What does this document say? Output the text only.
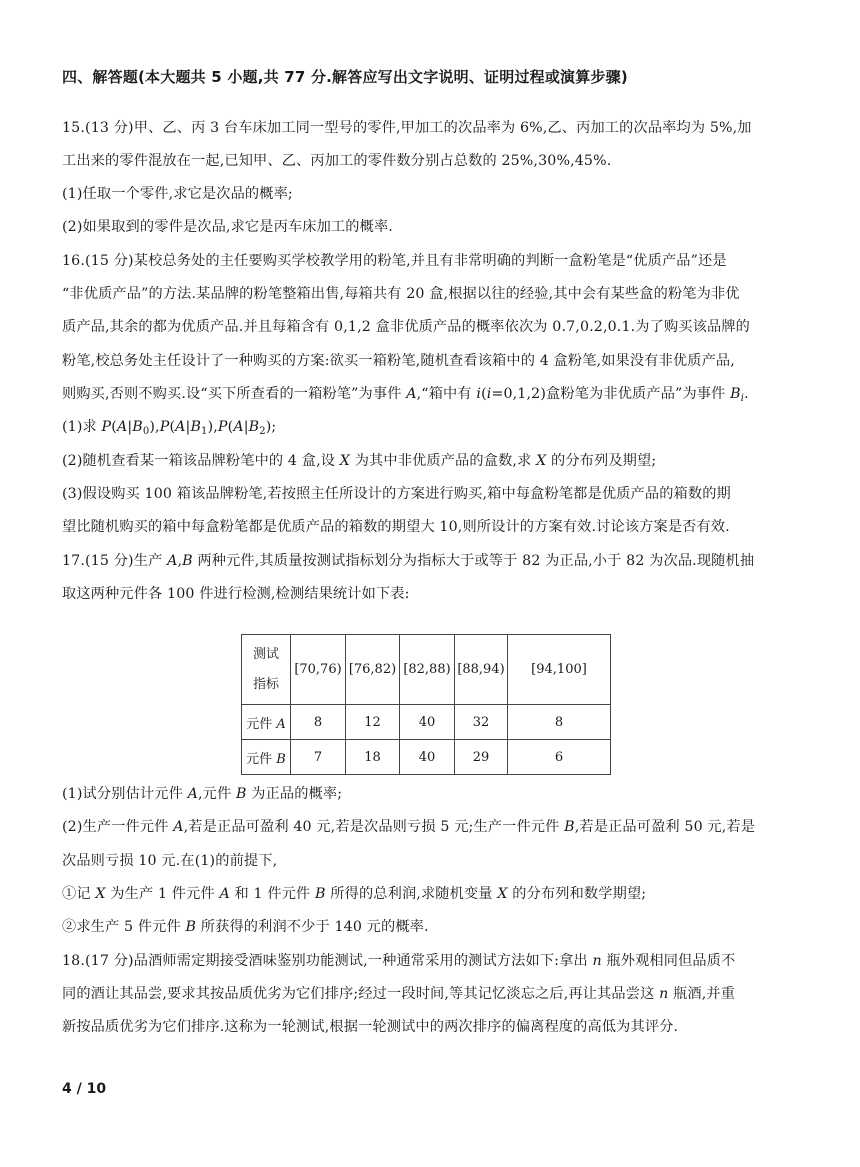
四、解答题(本大题共 5 小题,共 77 分.解答应写出文字说明、证明过程或演算步骤)
15.(13 分)甲、乙、丙 3 台车床加工同一型号的零件,甲加工的次品率为 6%,乙、丙加工的次品率均为 5%,加
工出来的零件混放在一起,已知甲、乙、丙加工的零件数分别占总数的 25%,30%,45%.
(1)任取一个零件,求它是次品的概率;
(2)如果取到的零件是次品,求它是丙车床加工的概率.
16.(15 分)某校总务处的主任要购买学校教学用的粉笔,并且有非常明确的判断一盒粉笔是“优质产品”还是
“非优质产品”的方法.某品牌的粉笔整箱出售,每箱共有 20 盒,根据以往的经验,其中会有某些盒的粉笔为非优
质产品,其余的都为优质产品.并且每箱含有 0,1,2 盒非优质产品的概率依次为 0.7,0.2,0.1.为了购买该品牌的
粉笔,校总务处主任设计了一种购买的方案:欲买一箱粉笔,随机查看该箱中的 4 盒粉笔,如果没有非优质产品,
则购买,否则不购买.设“买下所查看的一箱粉笔”为事件 A,“箱中有 i(i=0,1,2)盒粉笔为非优质产品”为事件 $B_i$.
(1)求 $P(A|B_0),P(A|B_1),P(A|B_2)$;
(2)随机查看某一箱该品牌粉笔中的 4 盒,设 X 为其中非优质产品的盒数,求 X 的分布列及期望;
(3)假设购买 100 箱该品牌粉笔,若按照主任所设计的方案进行购买,箱中每盒粉笔都是优质产品的箱数的期
望比随机购买的箱中每盒粉笔都是优质产品的箱数的期望大 10,则所设计的方案有效.讨论该方案是否有效.
17.(15 分)生产 A,B 两种元件,其质量按测试指标划分为指标大于或等于 82 为正品,小于 82 为次品.现随机抽
取这两种元件各 100 件进行检测,检测结果统计如下表:
测试
指标	[70,76)	[76,82)	[82,88)	[88,94)	[94,100]
元件 A	8	12	40	32	8
元件 B	7	18	40	29	6
(1)试分别估计元件 A,元件 B 为正品的概率;
(2)生产一件元件 A,若是正品可盈利 40 元,若是次品则亏损 5 元;生产一件元件 B,若是正品可盈利 50 元,若是
次品则亏损 10 元.在(1)的前提下,
①记 X 为生产 1 件元件 A 和 1 件元件 B 所得的总利润,求随机变量 X 的分布列和数学期望;
②求生产 5 件元件 B 所获得的利润不少于 140 元的概率.
18.(17 分)品酒师需定期接受酒味鉴别功能测试,一种通常采用的测试方法如下:拿出 n 瓶外观相同但品质不
同的酒让其品尝,要求其按品质优劣为它们排序;经过一段时间,等其记忆淡忘之后,再让其品尝这 n 瓶酒,并重
新按品质优劣为它们排序.这称为一轮测试,根据一轮测试中的两次排序的偏离程度的高低为其评分.
4 / 10
